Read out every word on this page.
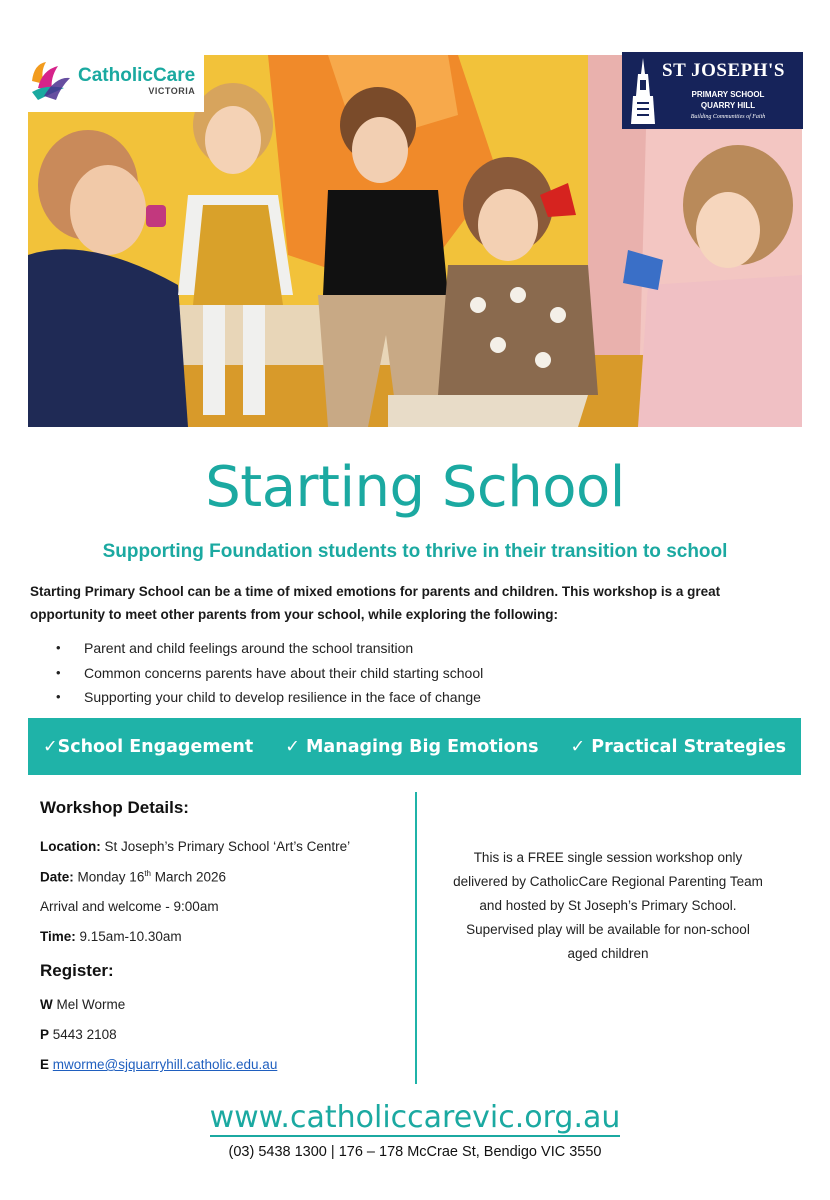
CatholicCare
VICTORIA
ST JOSEPH'S
PRIMARY SCHOOL
QUARRY HILL
Building Communities of Faith
Starting School
Supporting Foundation students to thrive in their transition to school
Starting Primary School can be a time of mixed emotions for parents and children. This workshop is a great opportunity to meet other parents from your school, while exploring the following:
• Parent and child feelings around the school transition
• Common concerns parents have about their child starting school
• Supporting your child to develop resilience in the face of change
✓School Engagement ✓ Managing Big Emotions ✓ Practical Strategies
Workshop Details:
Location: St Joseph’s Primary School ‘Art’s Centre’
Date: Monday 16th March 2026
Arrival and welcome - 9:00am
Time: 9.15am-10.30am
Register:
W Mel Worme
P 5443 2108
E mworme@sjquarryhill.catholic.edu.au
This is a FREE single session workshop only
delivered by CatholicCare Regional Parenting Team
and hosted by St Joseph’s Primary School.
Supervised play will be available for non-school
aged children
www.catholiccarevic.org.au
(03) 5438 1300 | 176 – 178 McCrae St, Bendigo VIC 3550
